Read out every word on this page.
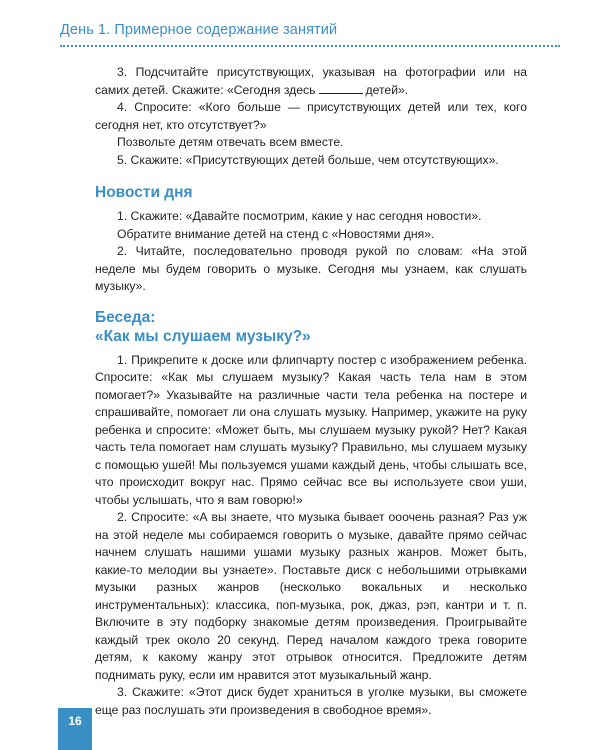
День 1. Примерное содержание занятий

3. Подсчитайте присутствующих, указывая на фотографии или на самих детей. Скажите: «Сегодня здесь	детей».

4. Спросите: «Кого больше — присутствующих детей или тех, кого сегодня нет, кто отсутствует?»

Позвольте детям отвечать всем вместе.

5. Скажите: «Присутствующих детей больше, чем отсутствующих».

Новости дня

1. Скажите: «Давайте посмотрим, какие у нас сегодня новости».

Обратите внимание детей на стенд с «Новостями дня».

2. Читайте, последовательно проводя рукой по словам: «На этой неделе мы будем говорить о музыке. Сегодня мы узнаем, как слушать музыку».

Беседа:
«Как мы слушаем музыку?»

1. Прикрепите к доске или флипчарту постер с изображением ребенка. Спросите: «Как мы слушаем музыку? Какая часть тела нам в этом помогает?» Указывайте на различные части тела ребенка на постере и спрашивайте, помогает ли она слушать музыку. Например, укажите на руку ребенка и спросите: «Может быть, мы слушаем музыку рукой? Нет? Какая часть тела помогает нам слушать музыку? Правильно, мы слушаем музыку с помощью ушей! Мы пользуемся ушами каждый день, чтобы слышать все, что происходит вокруг нас. Прямо сейчас все вы используете свои уши, чтобы услышать, что я вам говорю!»

2. Спросите: «А вы знаете, что музыка бывает ооочень разная? Раз уж на этой неделе мы собираемся говорить о музыке, давайте прямо сейчас начнем слушать нашими ушами музыку разных жанров. Может быть, какие-то мелодии вы узнаете». Поставьте диск с небольшими отрывками музыки разных жанров (несколько вокальных и несколько инструментальных): классика, поп-музыка, рок, джаз, рэп, кантри и т. п. Включите в эту подборку знакомые детям произведения. Проигрывайте каждый трек около 20 секунд. Перед началом каждого трека говорите детям, к какому жанру этот отрывок относится. Предложите детям поднимать руку, если им нравится этот музыкальный жанр.

3. Скажите: «Этот диск будет храниться в уголке музыки, вы сможете еще раз послушать эти произведения в свободное время».

16
